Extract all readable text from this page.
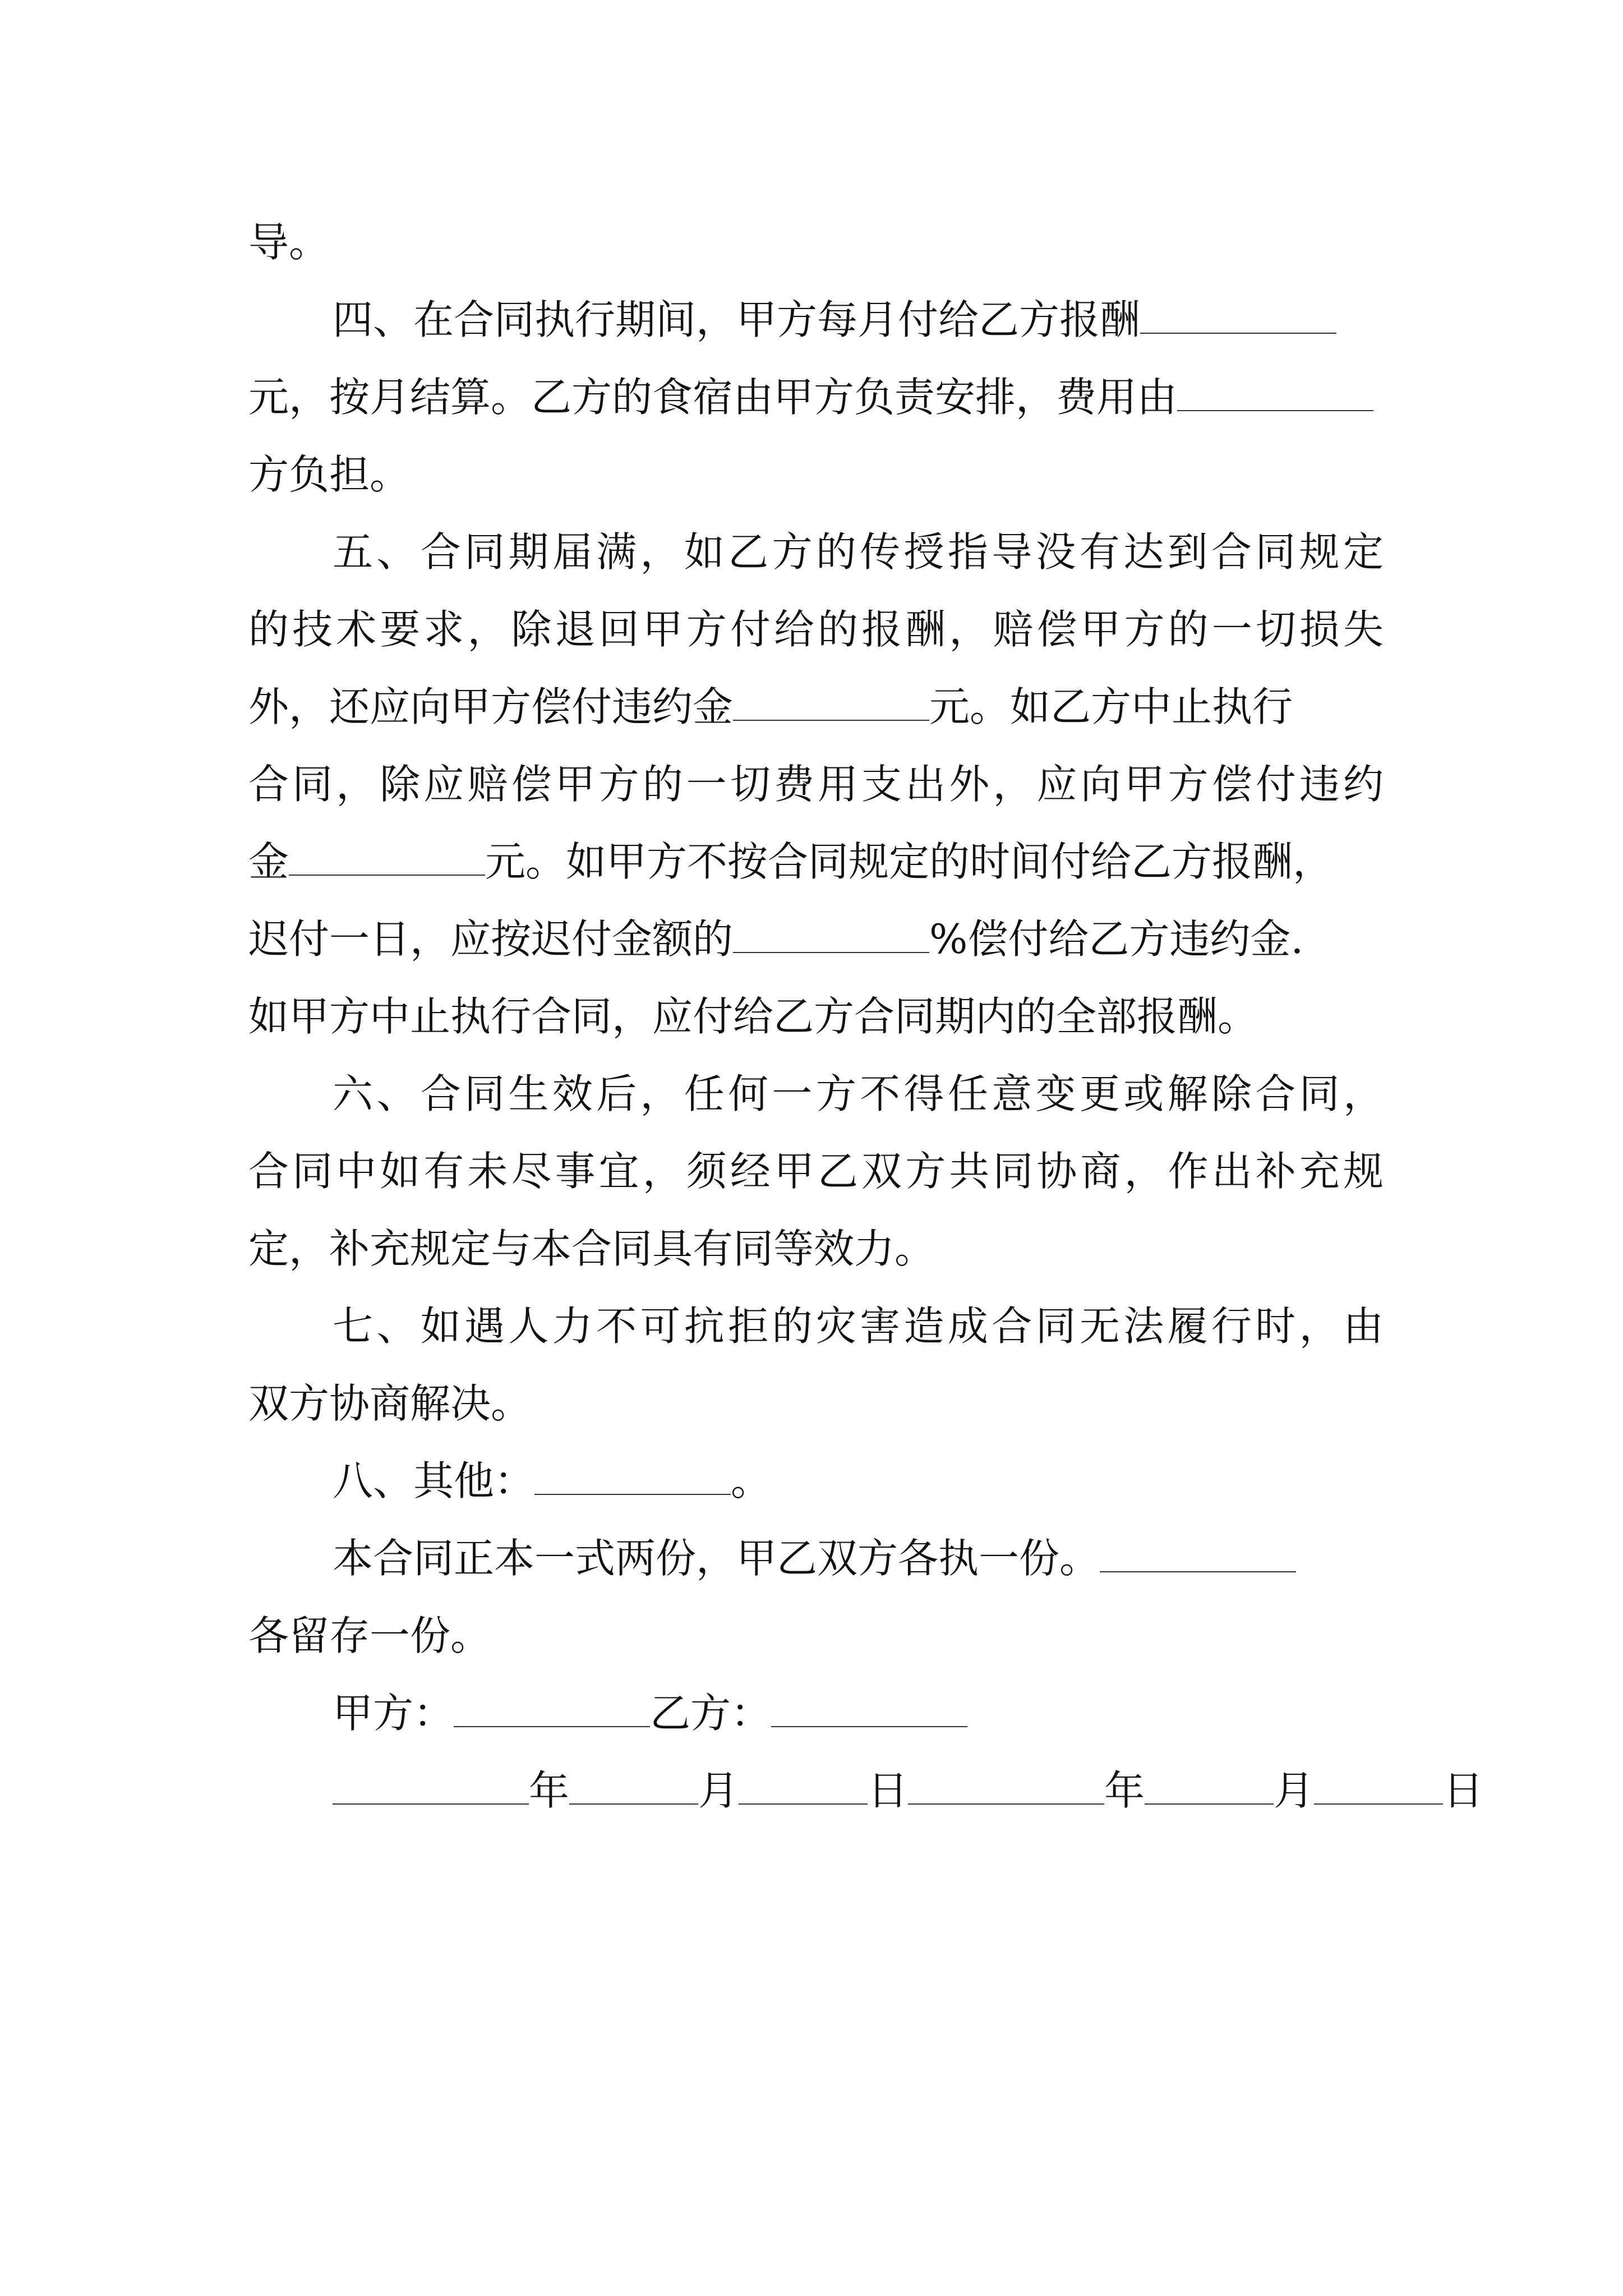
导。
四、在合同执行期间，甲方每月付给乙方报酬
元，按月结算。乙方的食宿由甲方负责安排，费用由
方负担。
五、合同期届满，如乙方的传授指导没有达到合同规定
的技术要求，除退回甲方付给的报酬，赔偿甲方的一切损失
外，还应向甲方偿付违约金	元。如乙方中止执行
合同，除应赔偿甲方的一切费用支出外，应向甲方偿付违约
金	元。如甲方不按合同规定的时间付给乙方报酬，
迟付一日，应按迟付金额的	%偿付给乙方违约金.
如甲方中止执行合同，应付给乙方合同期内的全部报酬。
六、合同生效后，任何一方不得任意变更或解除合同，
合同中如有未尽事宜，须经甲乙双方共同协商，作出补充规
定，补充规定与本合同具有同等效力。
七、如遇人力不可抗拒的灾害造成合同无法履行时，由
双方协商解决。
八、其他：	。
本合同正本一式两份，甲乙双方各执一份。
各留存一份。
甲方：	乙方：
年	月	日	年	月	日
